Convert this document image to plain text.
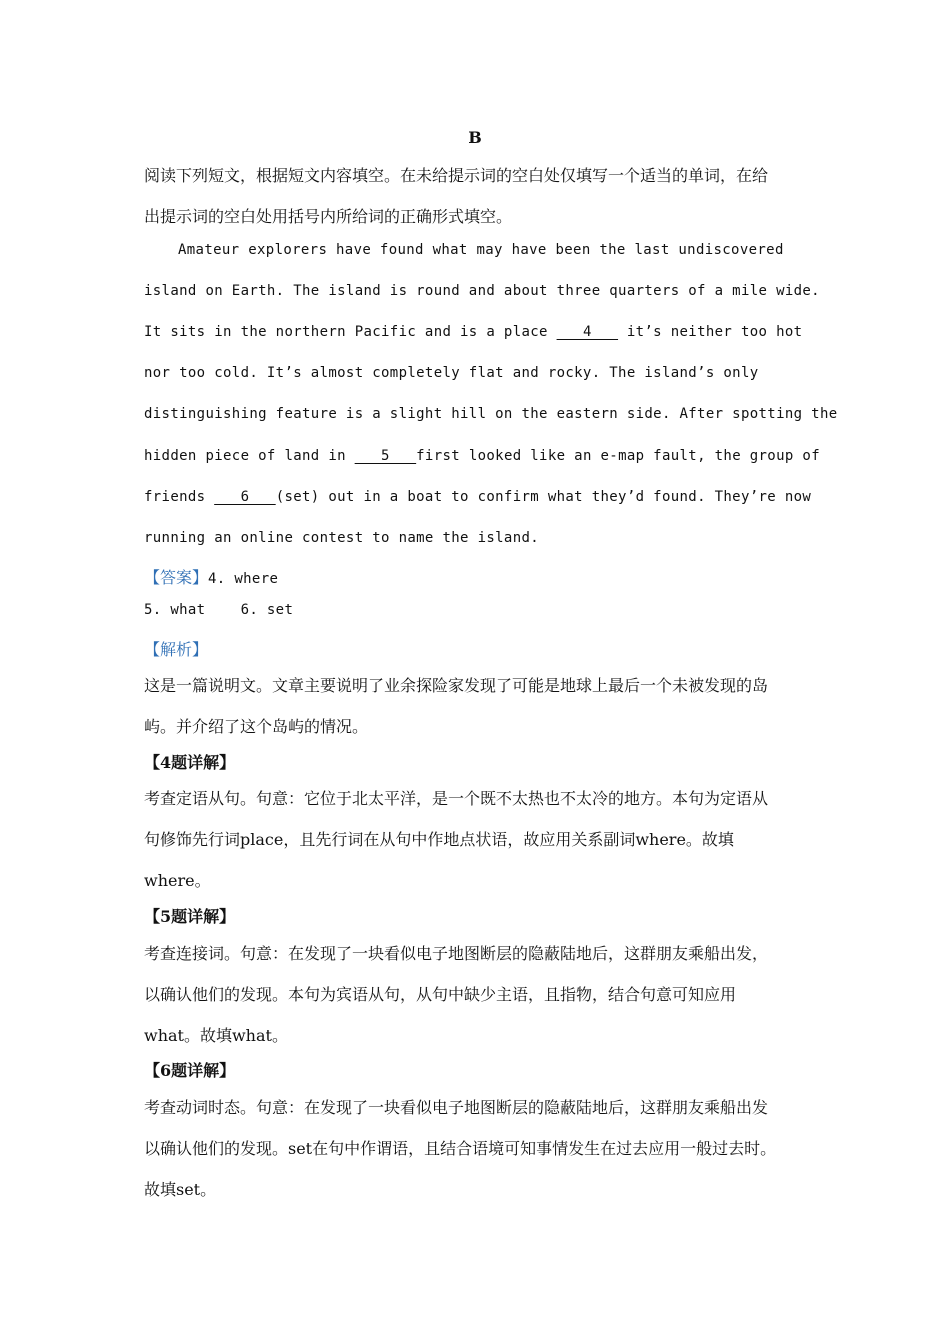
B
阅读下列短文，根据短文内容填空。在未给提示词的空白处仅填写一个适当的单词，在给
出提示词的空白处用括号内所给词的正确形式填空。
Amateur explorers have found what may have been the last undiscovered
island on Earth. The island is round and about three quarters of a mile wide.
It sits in the northern Pacific and is a place ___4___ it’s neither too hot
nor too cold. It’s almost completely flat and rocky. The island’s only
distinguishing feature is a slight hill on the eastern side. After spotting the
hidden piece of land in ___5___first looked like an e-map fault, the group of
friends ___6___(set) out in a boat to confirm what they’d found. They’re now
running an online contest to name the island.
【答案】4. where
5. what    6. set
【解析】
这是一篇说明文。文章主要说明了业余探险家发现了可能是地球上最后一个未被发现的岛
屿。并介绍了这个岛屿的情况。
【4题详解】
考查定语从句。句意：它位于北太平洋，是一个既不太热也不太冷的地方。本句为定语从
句修饰先行词place，且先行词在从句中作地点状语，故应用关系副词where。故填
where。
【5题详解】
考查连接词。句意：在发现了一块看似电子地图断层的隐蔽陆地后，这群朋友乘船出发，
以确认他们的发现。本句为宾语从句，从句中缺少主语，且指物，结合句意可知应用
what。故填what。
【6题详解】
考查动词时态。句意：在发现了一块看似电子地图断层的隐蔽陆地后，这群朋友乘船出发
以确认他们的发现。set在句中作谓语，且结合语境可知事情发生在过去应用一般过去时。
故填set。
